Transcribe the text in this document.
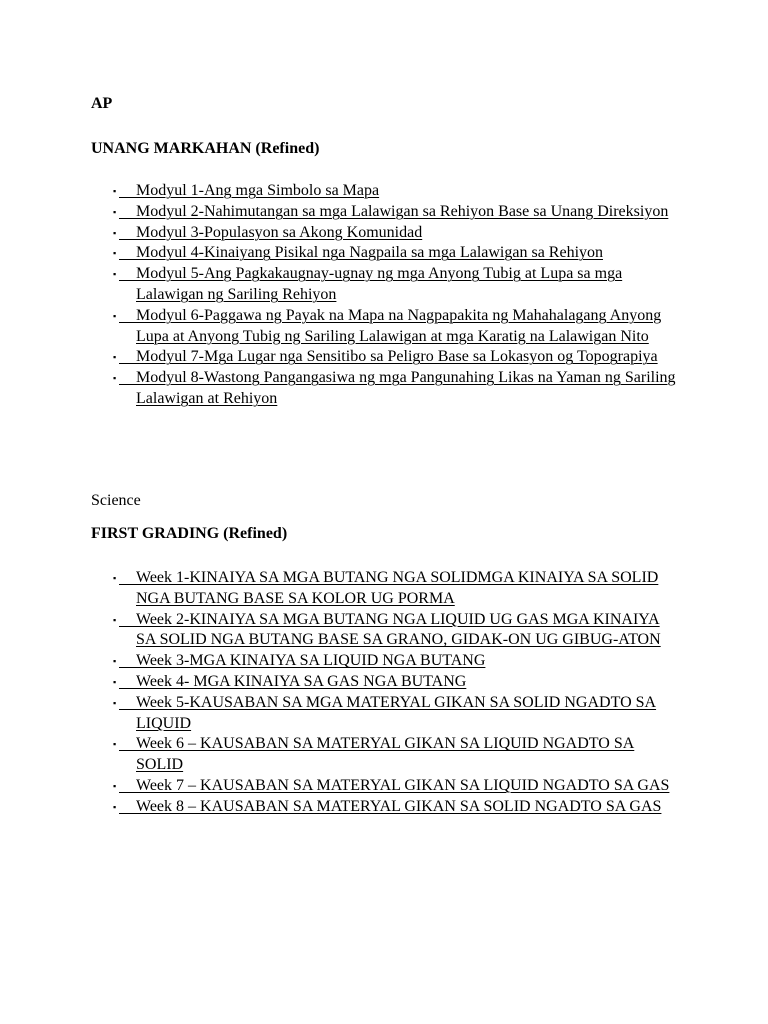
AP
UNANG MARKAHAN (Refined)
▪ Modyul 1-Ang mga Simbolo sa Mapa
▪ Modyul 2-Nahimutangan sa mga Lalawigan sa Rehiyon Base sa Unang Direksiyon
▪ Modyul 3-Populasyon sa Akong Komunidad
▪ Modyul 4-Kinaiyang Pisikal nga Nagpaila sa mga Lalawigan sa Rehiyon
▪ Modyul 5-Ang Pagkakaugnay-ugnay ng mga Anyong Tubig at Lupa sa mga Lalawigan ng Sariling Rehiyon
▪ Modyul 6-Paggawa ng Payak na Mapa na Nagpapakita ng Mahahalagang Anyong Lupa at Anyong Tubig ng Sariling Lalawigan at mga Karatig na Lalawigan Nito
▪ Modyul 7-Mga Lugar nga Sensitibo sa Peligro Base sa Lokasyon og Topograpiya
▪ Modyul 8-Wastong Pangangasiwa ng mga Pangunahing Likas na Yaman ng Sariling Lalawigan at Rehiyon
Science
FIRST GRADING (Refined)
▪ Week 1-KINAIYA SA MGA BUTANG NGA SOLIDMGA KINAIYA SA SOLID NGA BUTANG BASE SA KOLOR UG PORMA
▪ Week 2-KINAIYA SA MGA BUTANG NGA LIQUID UG GAS MGA KINAIYA SA SOLID NGA BUTANG BASE SA GRANO, GIDAK-ON UG GIBUG-ATON
▪ Week 3-MGA KINAIYA SA LIQUID NGA BUTANG
▪ Week 4- MGA KINAIYA SA GAS NGA BUTANG
▪ Week 5-KAUSABAN SA MGA MATERYAL GIKAN SA SOLID NGADTO SA LIQUID
▪ Week 6 – KAUSABAN SA MATERYAL GIKAN SA LIQUID NGADTO SA SOLID
▪ Week 7 – KAUSABAN SA MATERYAL GIKAN SA LIQUID NGADTO SA GAS
▪ Week 8 – KAUSABAN SA MATERYAL GIKAN SA SOLID NGADTO SA GAS
